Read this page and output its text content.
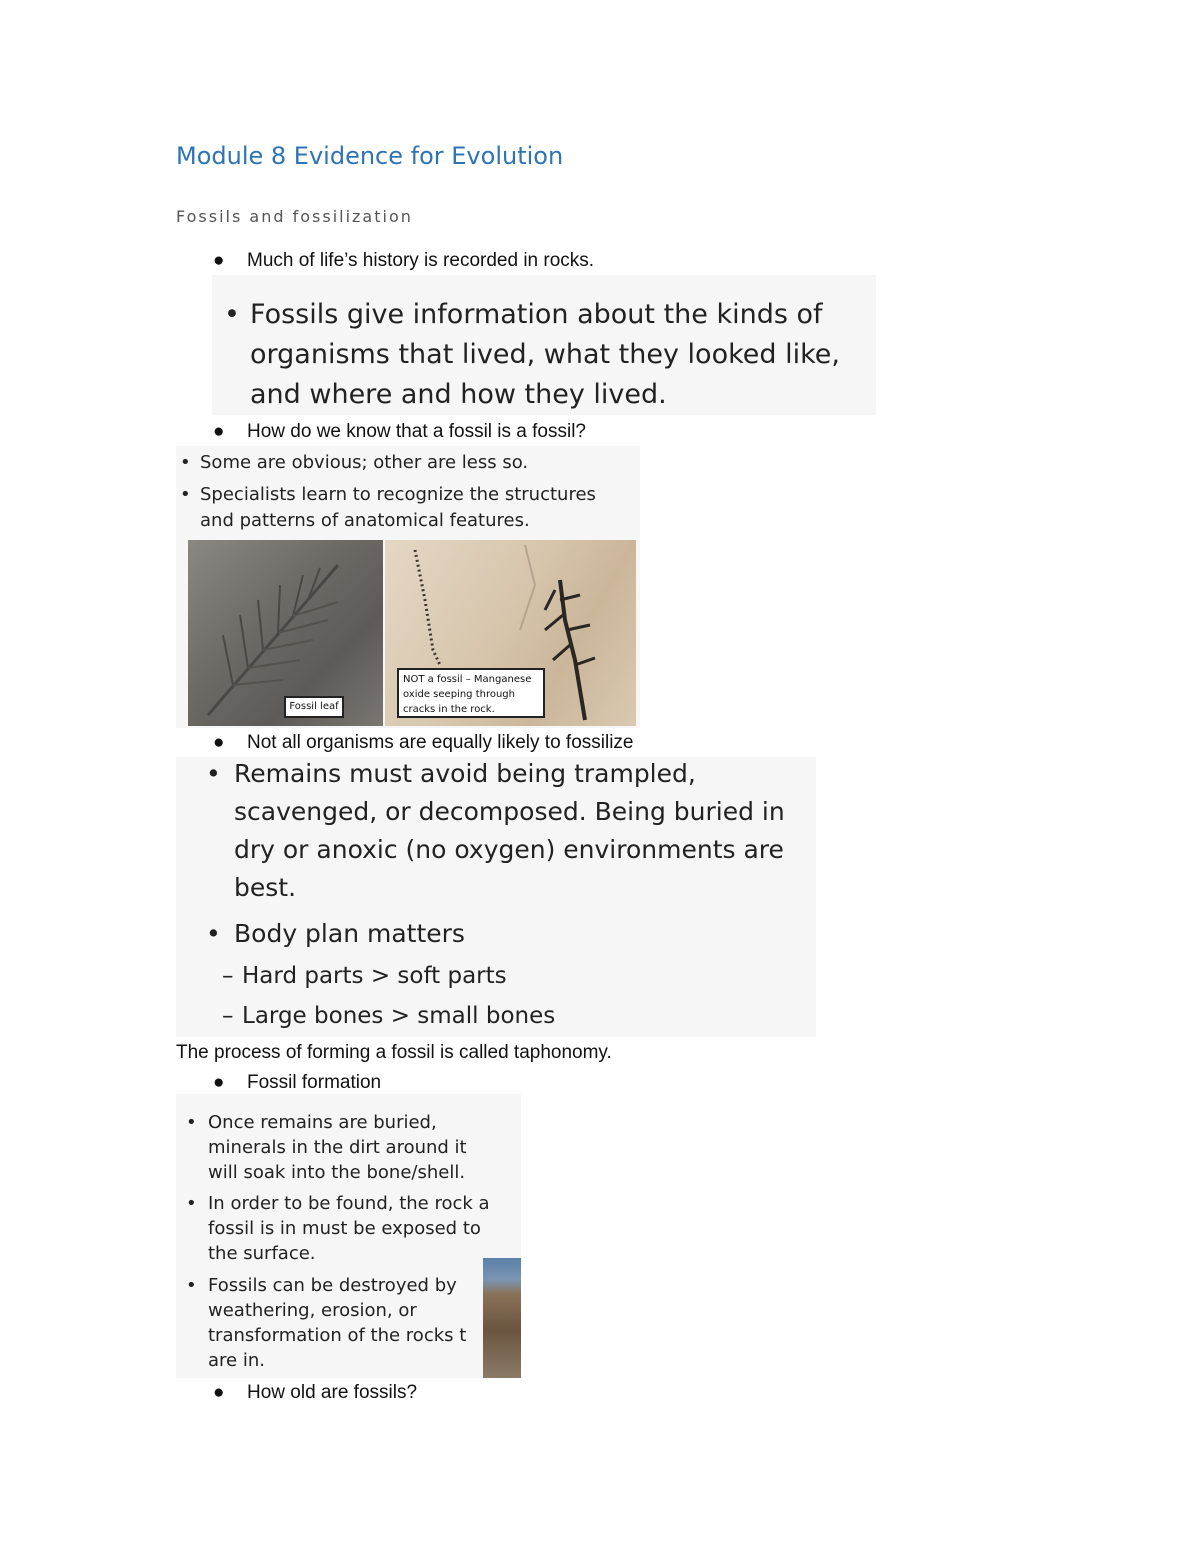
Module 8 Evidence for Evolution
Fossils and fossilization
● Much of life’s history is recorded in rocks.
• Fossils give information about the kinds of
organisms that lived, what they looked like,
and where and how they lived.
● How do we know that a fossil is a fossil?
• Some are obvious; other are less so.
• Specialists learn to recognize the structures
and patterns of anatomical features.
Fossil leaf
NOT a fossil – Manganese
oxide seeping through
cracks in the rock.
● Not all organisms are equally likely to fossilize
• Remains must avoid being trampled,
scavenged, or decomposed. Being buried in
dry or anoxic (no oxygen) environments are
best.
• Body plan matters
– Hard parts > soft parts
– Large bones > small bones
The process of forming a fossil is called taphonomy.
● Fossil formation
• Once remains are buried,
minerals in the dirt around it
will soak into the bone/shell.
• In order to be found, the rock a
fossil is in must be exposed to
the surface.
• Fossils can be destroyed by
weathering, erosion, or
transformation of the rocks t
are in.
● How old are fossils?
